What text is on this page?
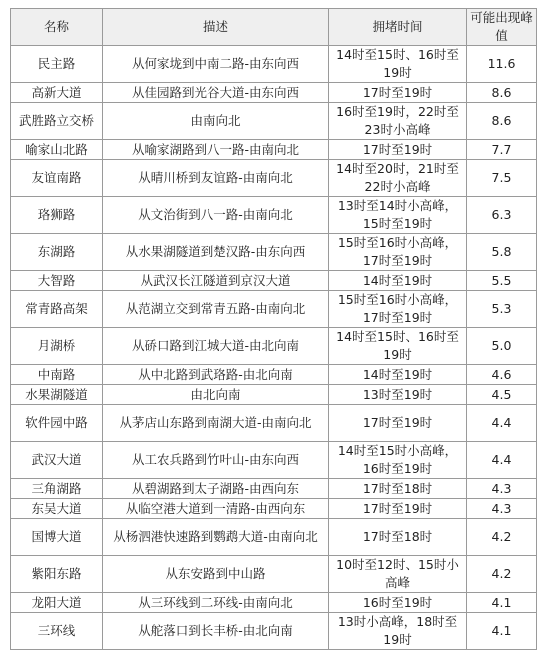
名称	描述	拥堵时间	可能出现峰值
民主路	从何家垅到中南二路-由东向西	14时至15时、16时至19时	11.6
高新大道	从佳园路到光谷大道-由东向西	17时至19时	8.6
武胜路立交桥	由南向北	16时至19时，22时至23时小高峰	8.6
喻家山北路	从喻家湖路到八一路-由南向北	17时至19时	7.7
友谊南路	从晴川桥到友谊路-由南向北	14时至20时，21时至22时小高峰	7.5
珞狮路	从文治街到八一路-由南向北	13时至14时小高峰，15时至19时	6.3
东湖路	从水果湖隧道到楚汉路-由东向西	15时至16时小高峰，17时至19时	5.8
大智路	从武汉长江隧道到京汉大道	14时至19时	5.5
常青路高架	从范湖立交到常青五路-由南向北	15时至16时小高峰，17时至19时	5.3
月湖桥	从硚口路到江城大道-由北向南	14时至15时、16时至19时	5.0
中南路	从中北路到武珞路-由北向南	14时至19时	4.6
水果湖隧道	由北向南	13时至19时	4.5
软件园中路	从茅店山东路到南湖大道-由南向北	17时至19时	4.4
武汉大道	从工农兵路到竹叶山-由东向西	14时至15时小高峰，16时至19时	4.4
三角湖路	从碧湖路到太子湖路-由西向东	17时至18时	4.3
东吴大道	从临空港大道到一清路-由西向东	17时至19时	4.3
国博大道	从杨泗港快速路到鹦鹉大道-由南向北	17时至18时	4.2
紫阳东路	从东安路到中山路	10时至12时、15时小高峰	4.2
龙阳大道	从三环线到二环线-由南向北	16时至19时	4.1
三环线	从舵落口到长丰桥-由北向南	13时小高峰，18时至19时	4.1
